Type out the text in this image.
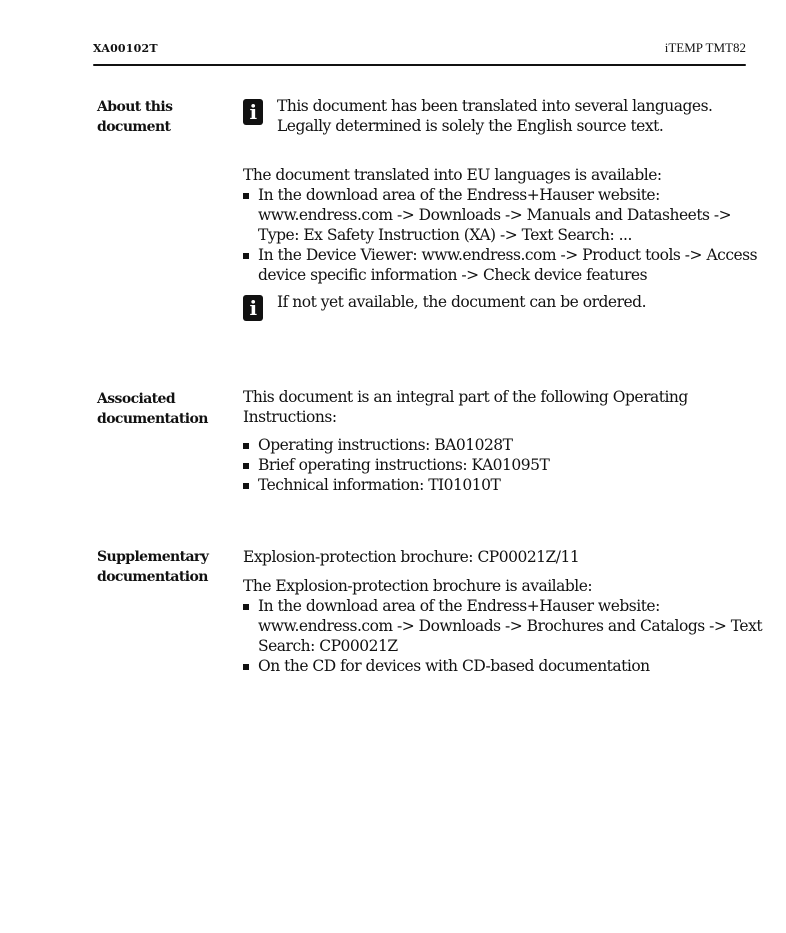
XA00102T	iTEMP TMT82
About this document
i	This document has been translated into several languages. Legally determined is solely the English source text.

The document translated into EU languages is available:

In the download area of the Endress+Hauser website: www.endress.com -> Downloads -> Manuals and Datasheets -> Type: Ex Safety Instruction (XA) -> Text Search: ...
In the Device Viewer: www.endress.com -> Product tools -> Access device specific information -> Check device features
i	If not yet available, the document can be ordered.

Associated documentation

This document is an integral part of the following Operating Instructions:

Operating instructions: BA01028T
Brief operating instructions: KA01095T
Technical information: TI01010T
Supplementary documentation

Explosion-protection brochure: CP00021Z/11

The Explosion-protection brochure is available:

In the download area of the Endress+Hauser website: www.endress.com -> Downloads -> Brochures and Catalogs -> Text Search: CP00021Z
On the CD for devices with CD-based documentation
